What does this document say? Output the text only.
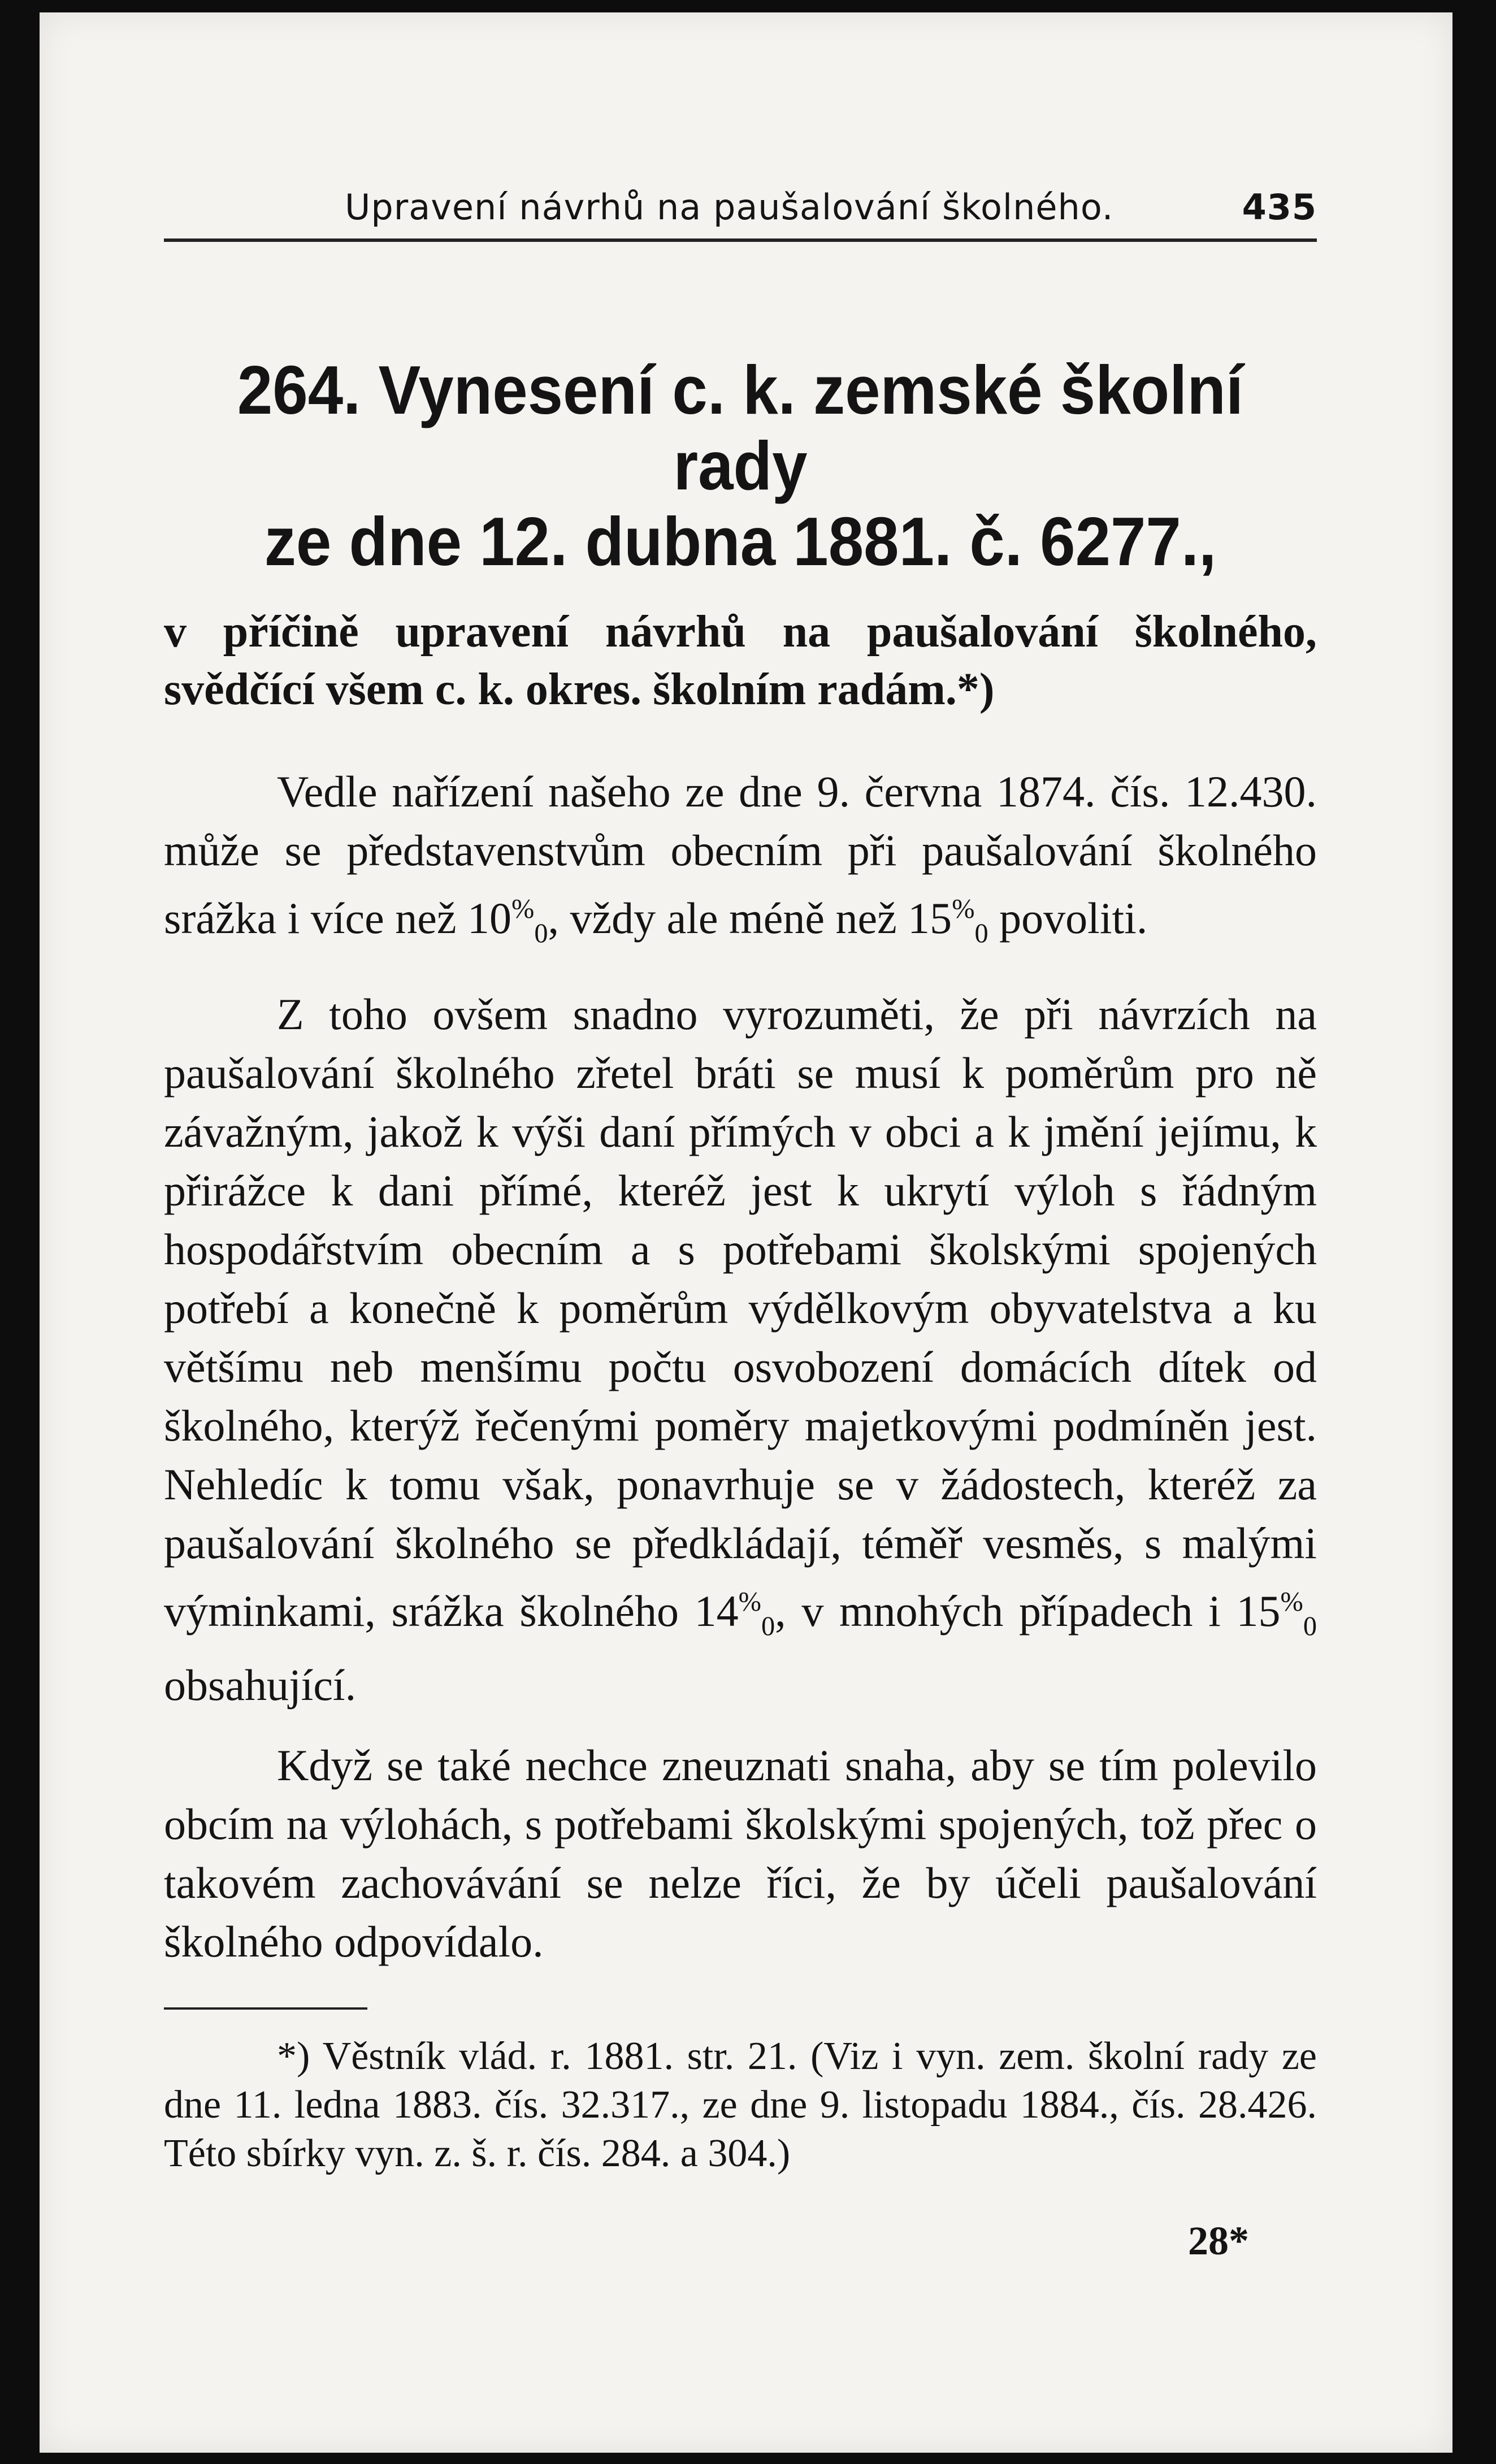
Upravení návrhů na paušalování školného.	435
264. Vynesení c. k. zemské školní rady
ze dne 12. dubna 1881. č. 6277.,
v příčině upravení návrhů na paušalování školného, svědčící všem c. k. okres. školním radám.*)

Vedle nařízení našeho ze dne 9. června 1874. čís. 12.430. může se představenstvům obecním při paušalování školného srážka i více než $10^{\%}_0$, vždy ale méně než $15^{\%}_0$ povoliti.

Z toho ovšem snadno vyrozuměti, že při návrzích na paušalování školného zřetel bráti se musí k poměrům pro ně závažným, jakož k výši daní přímých v obci a k jmění jejímu, k přirážce k dani přímé, kteréž jest k ukrytí výloh s řádným hospodářstvím obecním a s potřebami školskými spojených potřebí a konečně k poměrům výdělkovým obyvatelstva a ku většímu neb menšímu počtu osvobození domácích dítek od školného, kterýž řečenými poměry majetkovými podmíněn jest. Nehledíc k tomu však, ponavrhuje se v žádostech, kteréž za paušalování školného se předkládají, téměř vesměs, s malými výminkami, srážka školného $14^{\%}_0$, v mnohých případech i $15^{\%}_0$ obsahující.

Když se také nechce zneuznati snaha, aby se tím polevilo obcím na výlohách, s potřebami školskými spojených, tož přec o takovém zachovávání se nelze říci, že by účeli paušalování školného odpovídalo.

*) Věstník vlád. r. 1881. str. 21. (Viz i vyn. zem. školní rady ze dne 11. ledna 1883. čís. 32.317., ze dne 9. listopadu 1884., čís. 28.426. Této sbírky vyn. z. š. r. čís. 284. a 304.)

28*
